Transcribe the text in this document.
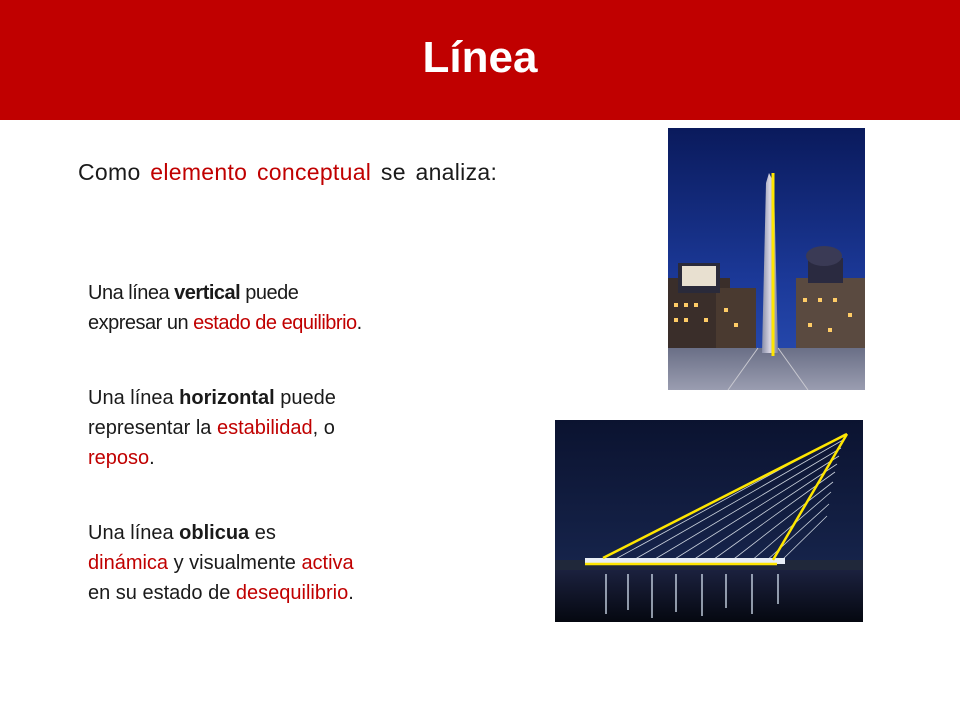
Línea
Como elemento conceptual se analiza:
Una línea vertical puede
expresar un estado de equilibrio.
Una línea horizontal puede
representar la estabilidad, o
reposo.
Una línea oblicua es
dinámica y visualmente activa
en su estado de desequilibrio.
